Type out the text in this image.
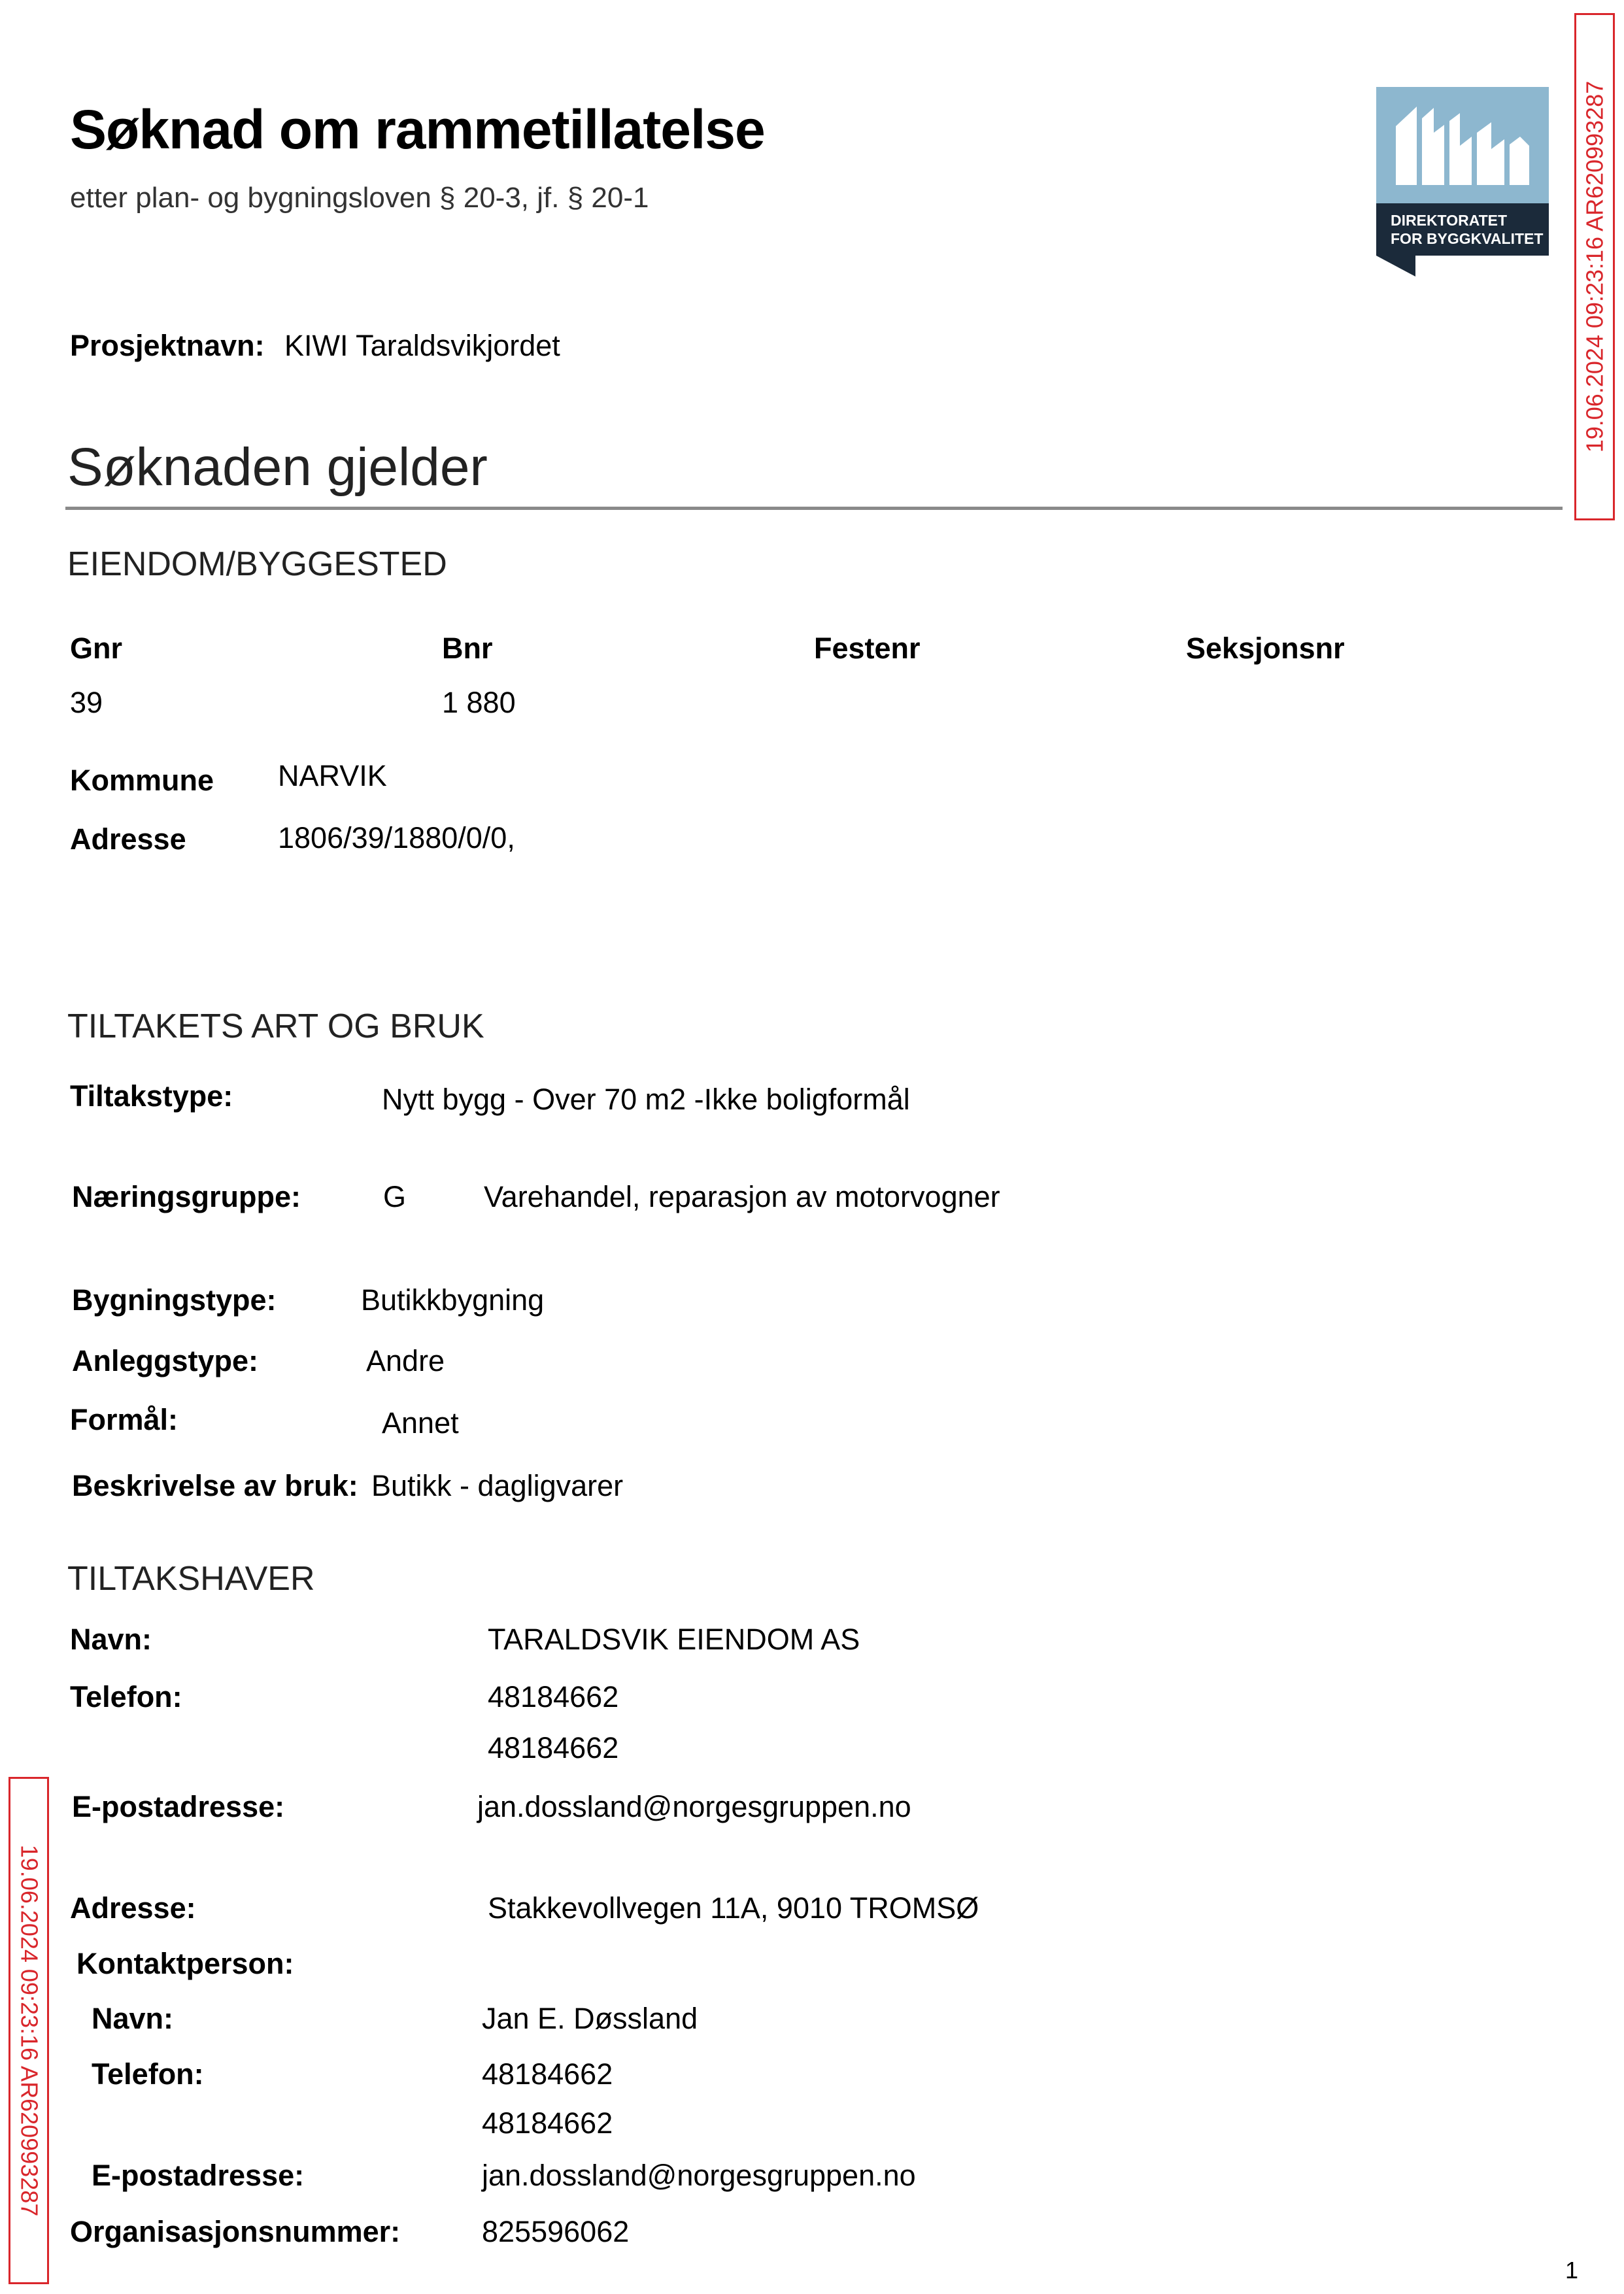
Søknad om rammetillatelse
etter plan- og bygningsloven § 20-3, jf. § 20-1
DIREKTORATET
FOR BYGGKVALITET 19.06.2024 09:23:16 AR620993287
19.06.2024 09:23:16 AR620993287
Prosjektnavn: KIWI Taraldsvikjordet
Søknaden gjelder
EIENDOM/BYGGESTED
Gnr	Bnr	Festenr	Seksjonsnr
39	1 880
Kommune NARVIK
Adresse	1806/39/1880/0/0,
TILTAKETS ART OG BRUK
Tiltakstype:	Nytt bygg - Over 70 m2 -Ikke boligformål
Næringsgruppe:	G	Varehandel, reparasjon av motorvogner
Bygningstype:	Butikkbygning
Anleggstype:	Andre
Formål:	Annet
Beskrivelse av bruk: Butikk - dagligvarer
TILTAKSHAVER
Navn:	TARALDSVIK EIENDOM AS
Telefon:	48184662
48184662
E-postadresse:	jan.dossland@norgesgruppen.no
Adresse:	Stakkevollvegen 11A, 9010 TROMSØ
Kontaktperson:
Navn:	Jan E. Døssland
Telefon:	48184662
48184662
E-postadresse:	jan.dossland@norgesgruppen.no
Organisasjonsnummer:	825596062
1
